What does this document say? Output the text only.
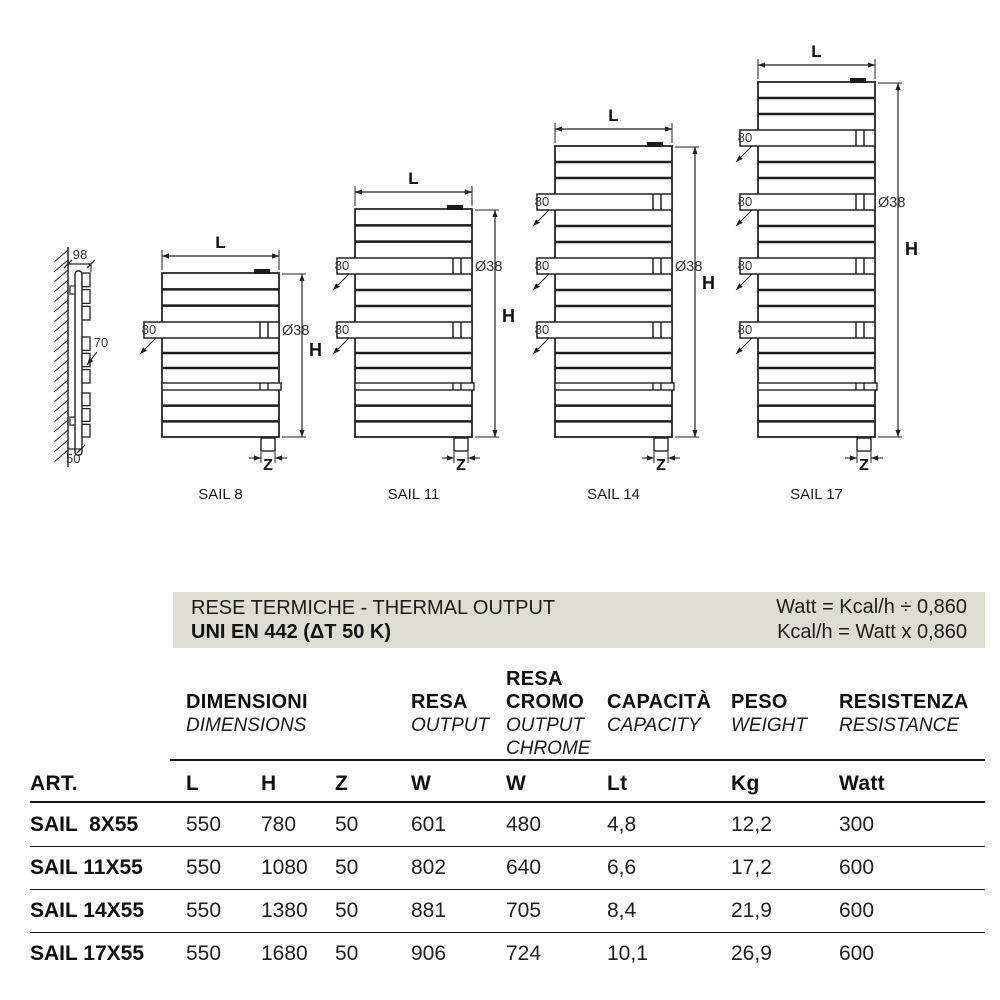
98
70
50
80	Ø38
Z
L
H
SAIL 8
80	Ø38
80
Z
L
H
SAIL 11
80
80	Ø38
80
Z
L
H
SAIL 14
80
80	Ø38
80
80
Z
L
H
SAIL 17
RESE TERMICHE - THERMAL OUTPUT
UNI EN 442 (ΔT 50 K)
Watt = Kcal/h ÷ 0,860
Kcal/h = Watt x 0,860
DIMENSIONI
DIMENSIONS
RESA
OUTPUT
RESA
CROMO
OUTPUT
CHROME
CAPACITÀ
CAPACITY
PESO
WEIGHT
RESISTENZA
RESISTANCE
ART.	L	H	Z	W	W	Lt	Kg	Watt
SAIL  8X55	550	780	50	601	480	4,8	12,2	300
SAIL 11X55	550	1080	50	802	640	6,6	17,2	600
SAIL 14X55	550	1380	50	881	705	8,4	21,9	600
SAIL 17X55	550	1680	50	906	724	10,1	26,9	600
